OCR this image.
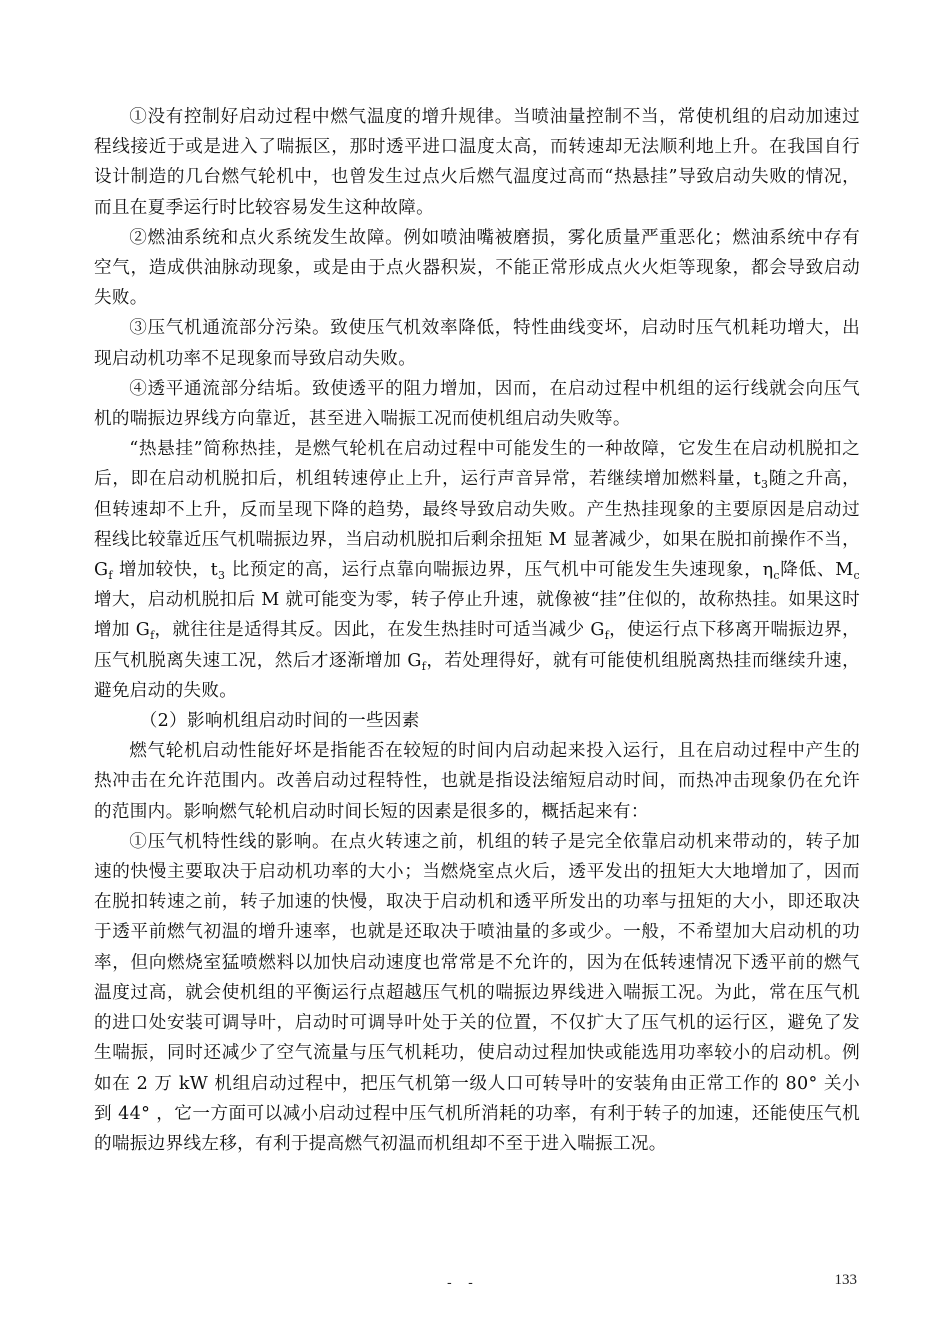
①没有控制好启动过程中燃气温度的增升规律。当喷油量控制不当，常使机组的启动加速过程线接近于或是进入了喘振区，那时透平进口温度太高，而转速却无法顺利地上升。在我国自行设计制造的几台燃气轮机中，也曾发生过点火后燃气温度过高而“热悬挂”导致启动失败的情况，而且在夏季运行时比较容易发生这种故障。

②燃油系统和点火系统发生故障。例如喷油嘴被磨损，雾化质量严重恶化；燃油系统中存有空气，造成供油脉动现象，或是由于点火器积炭，不能正常形成点火火炬等现象，都会导致启动失败。

③压气机通流部分污染。致使压气机效率降低，特性曲线变坏，启动时压气机耗功增大，出现启动机功率不足现象而导致启动失败。

④透平通流部分结垢。致使透平的阻力增加，因而，在启动过程中机组的运行线就会向压气机的喘振边界线方向靠近，甚至进入喘振工况而使机组启动失败等。

“热悬挂”简称热挂，是燃气轮机在启动过程中可能发生的一种故障，它发生在启动机脱扣之后，即在启动机脱扣后，机组转速停止上升，运行声音异常，若继续增加燃料量，$t_3$随之升高，但转速却不上升，反而呈现下降的趋势，最终导致启动失败。产生热挂现象的主要原因是启动过程线比较靠近压气机喘振边界，当启动机脱扣后剩余扭矩 M 显著减少，如果在脱扣前操作不当，$G_f$ 增加较快，$t_3$ 比预定的高，运行点靠向喘振边界，压气机中可能发生失速现象，$\eta_c$降低、$M_c$增大，启动机脱扣后 M 就可能变为零，转子停止升速，就像被“挂”住似的，故称热挂。如果这时增加 $G_f$，就往往是适得其反。因此，在发生热挂时可适当减少 $G_f$，使运行点下移离开喘振边界，压气机脱离失速工况，然后才逐渐增加 $G_f$，若处理得好，就有可能使机组脱离热挂而继续升速，避免启动的失败。

（2）影响机组启动时间的一些因素

燃气轮机启动性能好坏是指能否在较短的时间内启动起来投入运行，且在启动过程中产生的热冲击在允许范围内。改善启动过程特性，也就是指设法缩短启动时间，而热冲击现象仍在允许的范围内。影响燃气轮机启动时间长短的因素是很多的，概括起来有：

①压气机特性线的影响。在点火转速之前，机组的转子是完全依靠启动机来带动的，转子加速的快慢主要取决于启动机功率的大小；当燃烧室点火后，透平发出的扭矩大大地增加了，因而在脱扣转速之前，转子加速的快慢，取决于启动机和透平所发出的功率与扭矩的大小，即还取决于透平前燃气初温的增升速率，也就是还取决于喷油量的多或少。一般，不希望加大启动机的功率，但向燃烧室猛喷燃料以加快启动速度也常常是不允许的，因为在低转速情况下透平前的燃气温度过高，就会使机组的平衡运行点超越压气机的喘振边界线进入喘振工况。为此，常在压气机的进口处安装可调导叶，启动时可调导叶处于关的位置，不仅扩大了压气机的运行区，避免了发生喘振，同时还减少了空气流量与压气机耗功，使启动过程加快或能选用功率较小的启动机。例如在 2 万 kW 机组启动过程中，把压气机第一级人口可转导叶的安装角由正常工作的 80° 关小到 44° ，它一方面可以减小启动过程中压气机所消耗的功率，有利于转子的加速，还能使压气机的喘振边界线左移，有利于提高燃气初温而机组却不至于进入喘振工况。

- -	133
